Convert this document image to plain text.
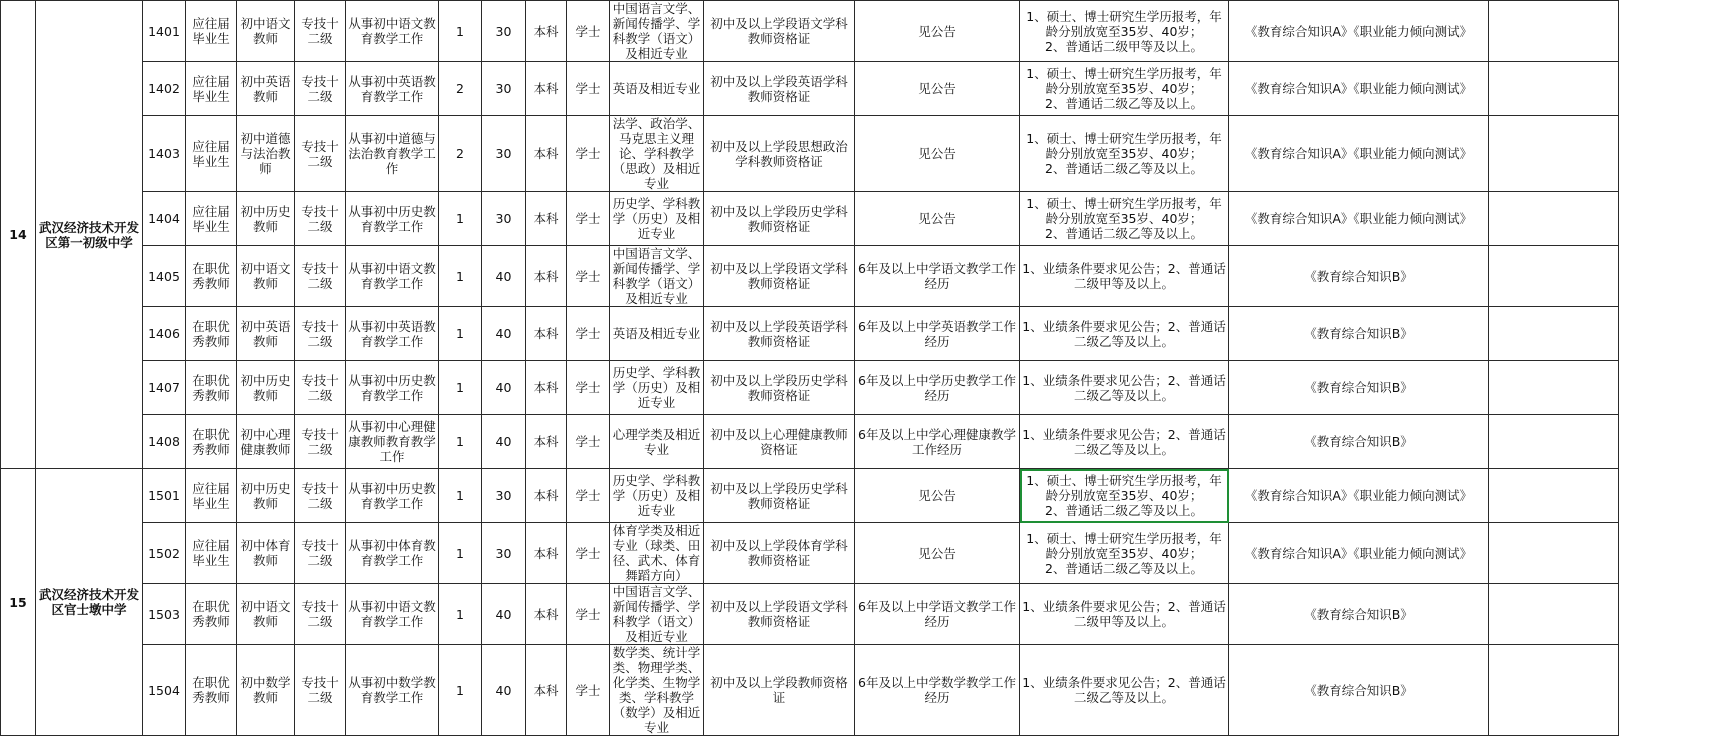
14	武汉经济技术开发区第一初级中学	1401	应往届毕业生	初中语文教师	专技十二级	从事初中语文教育教学工作	1	30	本科	学士	中国语言文学、新闻传播学、学科教学（语文）及相近专业	初中及以上学段语文学科教师资格证	见公告	1、硕士、博士研究生学历报考，年龄分别放宽至35岁、40岁；
2、普通话二级甲等及以上。	《教育综合知识A》《职业能力倾向测试》	
		1402	应往届毕业生	初中英语教师	专技十二级	从事初中英语教育教学工作	2	30	本科	学士	英语及相近专业	初中及以上学段英语学科教师资格证	见公告	1、硕士、博士研究生学历报考，年龄分别放宽至35岁、40岁；
2、普通话二级乙等及以上。	《教育综合知识A》《职业能力倾向测试》	
		1403	应往届毕业生	初中道德与法治教师	专技十二级	从事初中道德与法治教育教学工作	2	30	本科	学士	法学、政治学、马克思主义理论、学科教学（思政）及相近专业	初中及以上学段思想政治学科教师资格证	见公告	1、硕士、博士研究生学历报考，年龄分别放宽至35岁、40岁；
2、普通话二级乙等及以上。	《教育综合知识A》《职业能力倾向测试》	
		1404	应往届毕业生	初中历史教师	专技十二级	从事初中历史教育教学工作	1	30	本科	学士	历史学、学科教学（历史）及相近专业	初中及以上学段历史学科教师资格证	见公告	1、硕士、博士研究生学历报考，年龄分别放宽至35岁、40岁；
2、普通话二级乙等及以上。	《教育综合知识A》《职业能力倾向测试》	
		1405	在职优秀教师	初中语文教师	专技十二级	从事初中语文教育教学工作	1	40	本科	学士	中国语言文学、新闻传播学、学科教学（语文）及相近专业	初中及以上学段语文学科教师资格证	6年及以上中学语文教学工作经历	1、业绩条件要求见公告；2、普通话二级甲等及以上。	《教育综合知识B》	
		1406	在职优秀教师	初中英语教师	专技十二级	从事初中英语教育教学工作	1	40	本科	学士	英语及相近专业	初中及以上学段英语学科教师资格证	6年及以上中学英语教学工作经历	1、业绩条件要求见公告；2、普通话二级乙等及以上。	《教育综合知识B》	
		1407	在职优秀教师	初中历史教师	专技十二级	从事初中历史教育教学工作	1	40	本科	学士	历史学、学科教学（历史）及相近专业	初中及以上学段历史学科教师资格证	6年及以上中学历史教学工作经历	1、业绩条件要求见公告；2、普通话二级乙等及以上。	《教育综合知识B》	
		1408	在职优秀教师	初中心理健康教师	专技十二级	从事初中心理健康教师教育教学工作	1	40	本科	学士	心理学类及相近专业	初中及以上心理健康教师资格证	6年及以上中学心理健康教学工作经历	1、业绩条件要求见公告；2、普通话二级乙等及以上。	《教育综合知识B》	
15	武汉经济技术开发区官士墩中学	1501	应往届毕业生	初中历史教师	专技十二级	从事初中历史教育教学工作	1	30	本科	学士	历史学、学科教学（历史）及相近专业	初中及以上学段历史学科教师资格证	见公告	1、硕士、博士研究生学历报考，年龄分别放宽至35岁、40岁；
2、普通话二级乙等及以上。	《教育综合知识A》《职业能力倾向测试》	
		1502	应往届毕业生	初中体育教师	专技十二级	从事初中体育教育教学工作	1	30	本科	学士	体育学类及相近专业（球类、田径、武术、体育舞蹈方向）	初中及以上学段体育学科教师资格证	见公告	1、硕士、博士研究生学历报考，年龄分别放宽至35岁、40岁；
2、普通话二级乙等及以上。	《教育综合知识A》《职业能力倾向测试》	
		1503	在职优秀教师	初中语文教师	专技十二级	从事初中语文教育教学工作	1	40	本科	学士	中国语言文学、新闻传播学、学科教学（语文）及相近专业	初中及以上学段语文学科教师资格证	6年及以上中学语文教学工作经历	1、业绩条件要求见公告；2、普通话二级甲等及以上。	《教育综合知识B》	
		1504	在职优秀教师	初中数学教师	专技十二级	从事初中数学教育教学工作	1	40	本科	学士	数学类、统计学类、物理学类、化学类、生物学类、学科教学（数学）及相近专业	初中及以上学段教师资格证	6年及以上中学数学教学工作经历	1、业绩条件要求见公告；2、普通话二级乙等及以上。	《教育综合知识B》	
